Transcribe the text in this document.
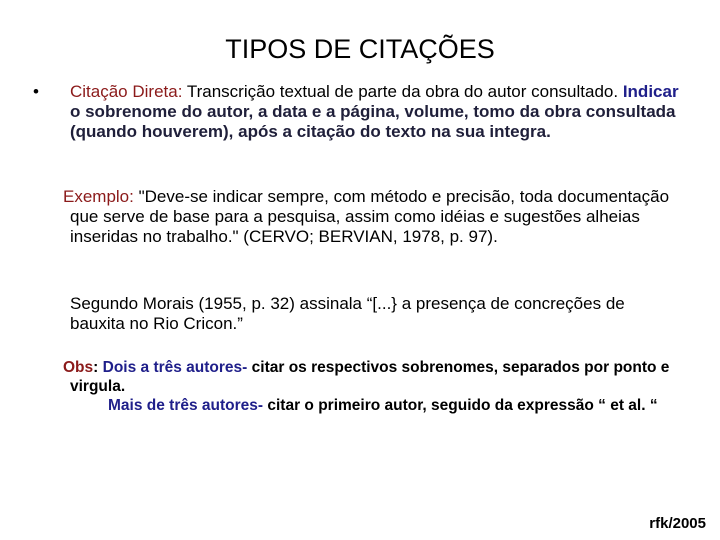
TIPOS DE CITAÇÕES
• Citação Direta: Transcrição textual de parte da obra do autor consultado. Indicar o sobrenome do autor, a data e a página, volume, tomo da obra consultada (quando houverem), após a citação do texto na sua integra.
Exemplo: "Deve-se indicar sempre, com método e precisão, toda documentação que serve de base para a pesquisa, assim como idéias e sugestões alheias inseridas no trabalho." (CERVO; BERVIAN, 1978, p. 97).
Segundo Morais (1955, p. 32) assinala “[...} a presença de concreções de bauxita no Rio Cricon.”
Obs: Dois a três autores- citar os respectivos sobrenomes, separados por ponto e virgula.
Mais de três autores- citar o primeiro autor, seguido da expressão “ et al. “
rfk/2005
